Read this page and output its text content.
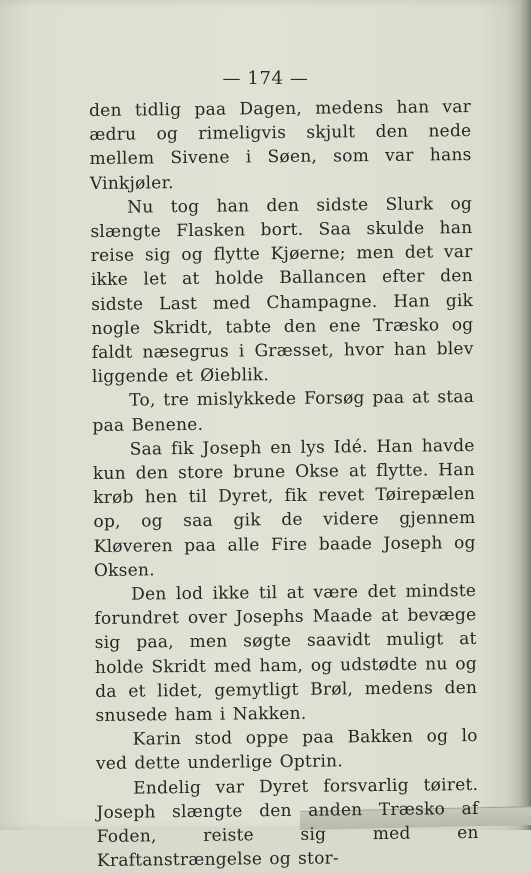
— 174 —

den tidlig paa Dagen, medens han var ædru og rimeligvis skjult den nede mellem Sivene i Søen, som var hans Vinkjøler.

Nu tog han den sidste Slurk og slængte Flasken bort. Saa skulde han reise sig og flytte Kjøerne; men det var ikke let at holde Ballancen efter den sidste Last med Champagne. Han gik nogle Skridt, tabte den ene Træsko og faldt næsegrus i Græsset, hvor han blev liggende et Øieblik.

To, tre mislykkede Forsøg paa at staa paa Benene.

Saa fik Joseph en lys Idé. Han havde kun den store brune Okse at flytte. Han krøb hen til Dyret, fik revet Tøirepælen op, og saa gik de videre gjennem Kløveren paa alle Fire baade Joseph og Oksen.

Den lod ikke til at være det mindste forundret over Josephs Maade at bevæge sig paa, men søgte saavidt muligt at holde Skridt med ham, og udstødte nu og da et lidet, gemytligt Brøl, medens den snusede ham i Nakken.

Karin stod oppe paa Bakken og lo ved dette underlige Optrin.

Endelig var Dyret forsvarlig tøiret. Joseph slængte den anden Træsko af Foden, reiste sig med en Kraftanstrængelse og stor-
